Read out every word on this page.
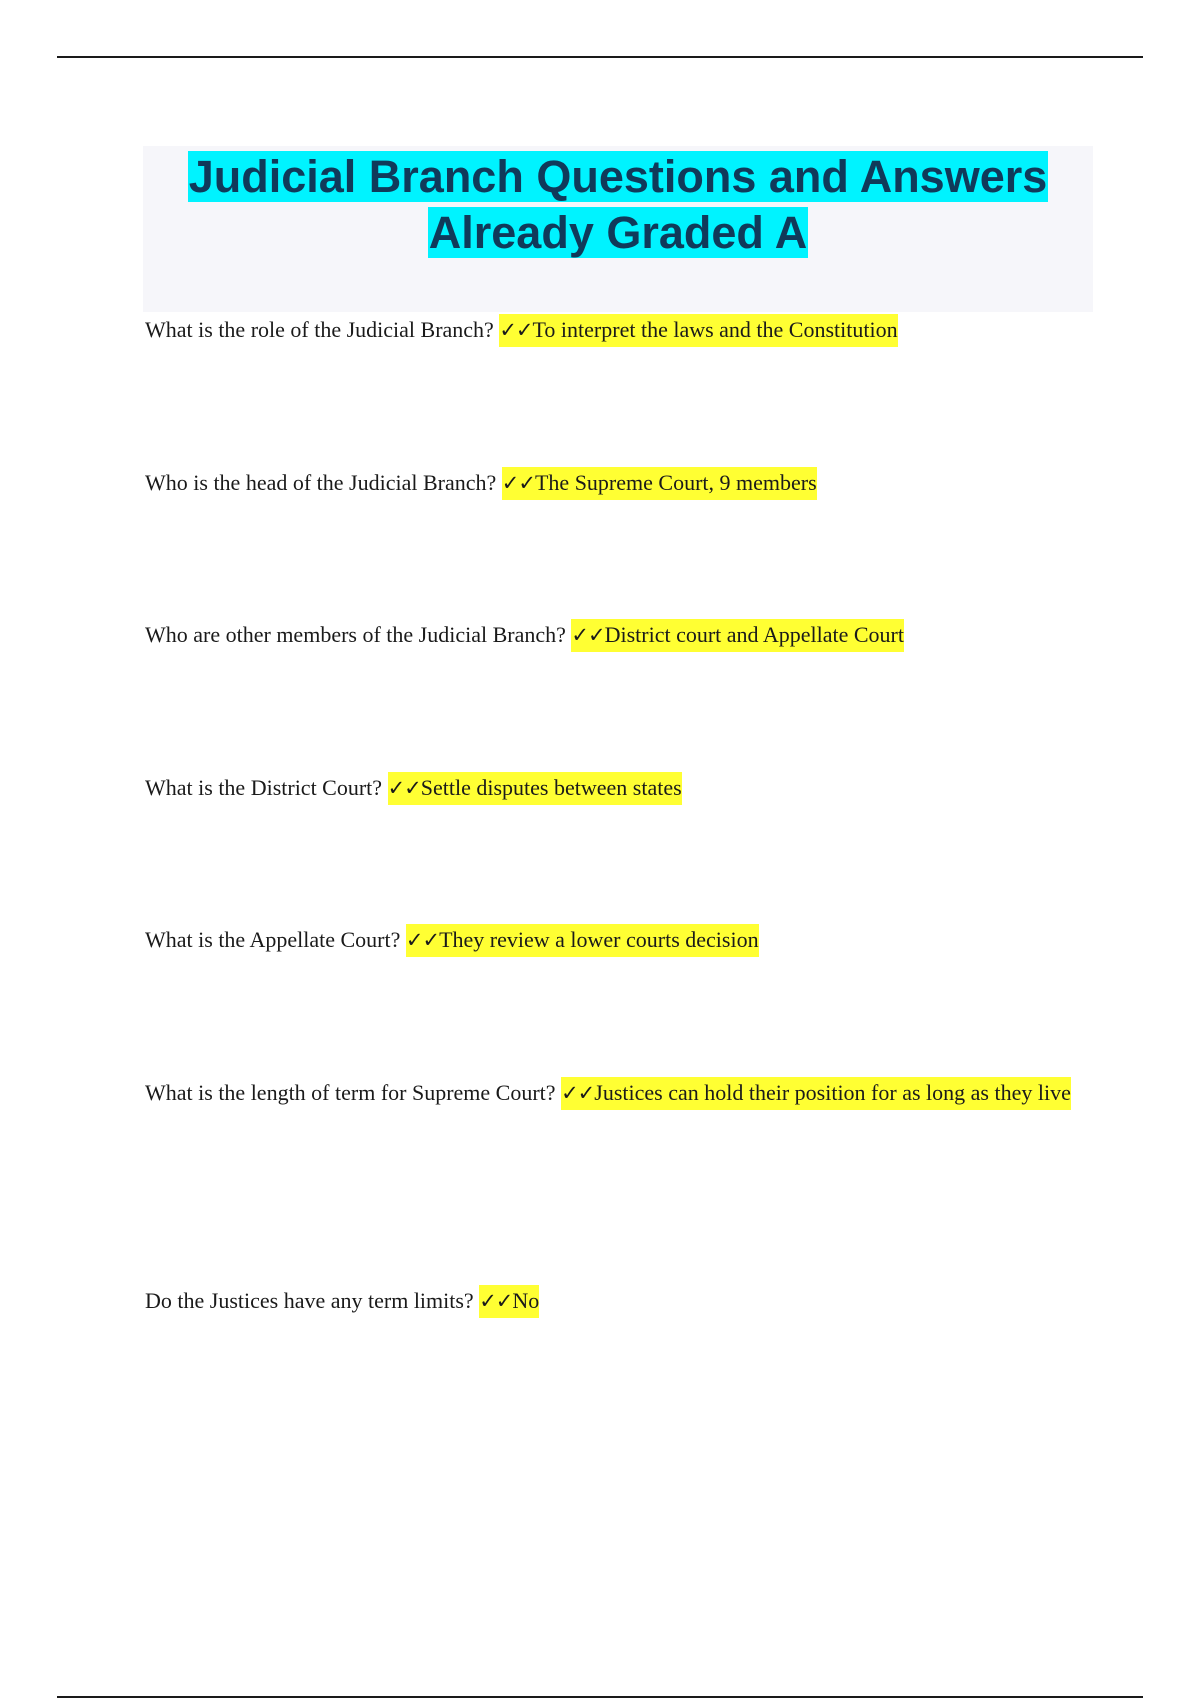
Judicial Branch Questions and Answers
Already Graded A

What is the role of the Judicial Branch? ✓✓To interpret the laws and the Constitution

Who is the head of the Judicial Branch? ✓✓The Supreme Court, 9 members

Who are other members of the Judicial Branch? ✓✓District court and Appellate Court

What is the District Court? ✓✓Settle disputes between states

What is the Appellate Court? ✓✓They review a lower courts decision

What is the length of term for Supreme Court? ✓✓Justices can hold their position for as long as they live

Do the Justices have any term limits? ✓✓No
